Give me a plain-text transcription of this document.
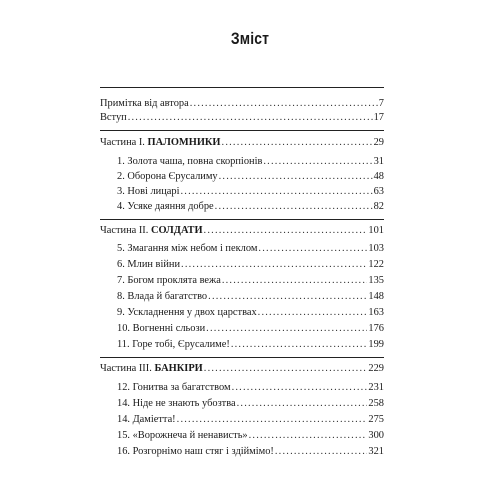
Зміст
Примітка від автора .....	7
Вступ .....	17
Частина I. ПАЛОМНИКИ .....	29
1. Золота чаша, повна скорпіонів .....	31
2. Оборона Єрусалиму .....	48
3. Нові лицарі .....	63
4. Усяке даяння добре .....	82
Частина II. СОЛДАТИ .....	101
5. Змагання між небом і пеклом .....	103
6. Млин війни .....	122
7. Богом проклята вежа .....	135
8. Влада й багатство .....	148
9. Ускладнення у двох царствах .....	163
10. Вогненні сльози .....	176
11. Горе тобі, Єрусалиме! .....	199
Частина III. БАНКІРИ .....	229
12. Гонитва за багатством .....	231
14. Ніде не знають убозтва .....	258
14. Даміетта! .....	275
15. «Ворожнеча й ненависть» .....	300
16. Розгорнімо наш стяг і здіймімо! .....	321
